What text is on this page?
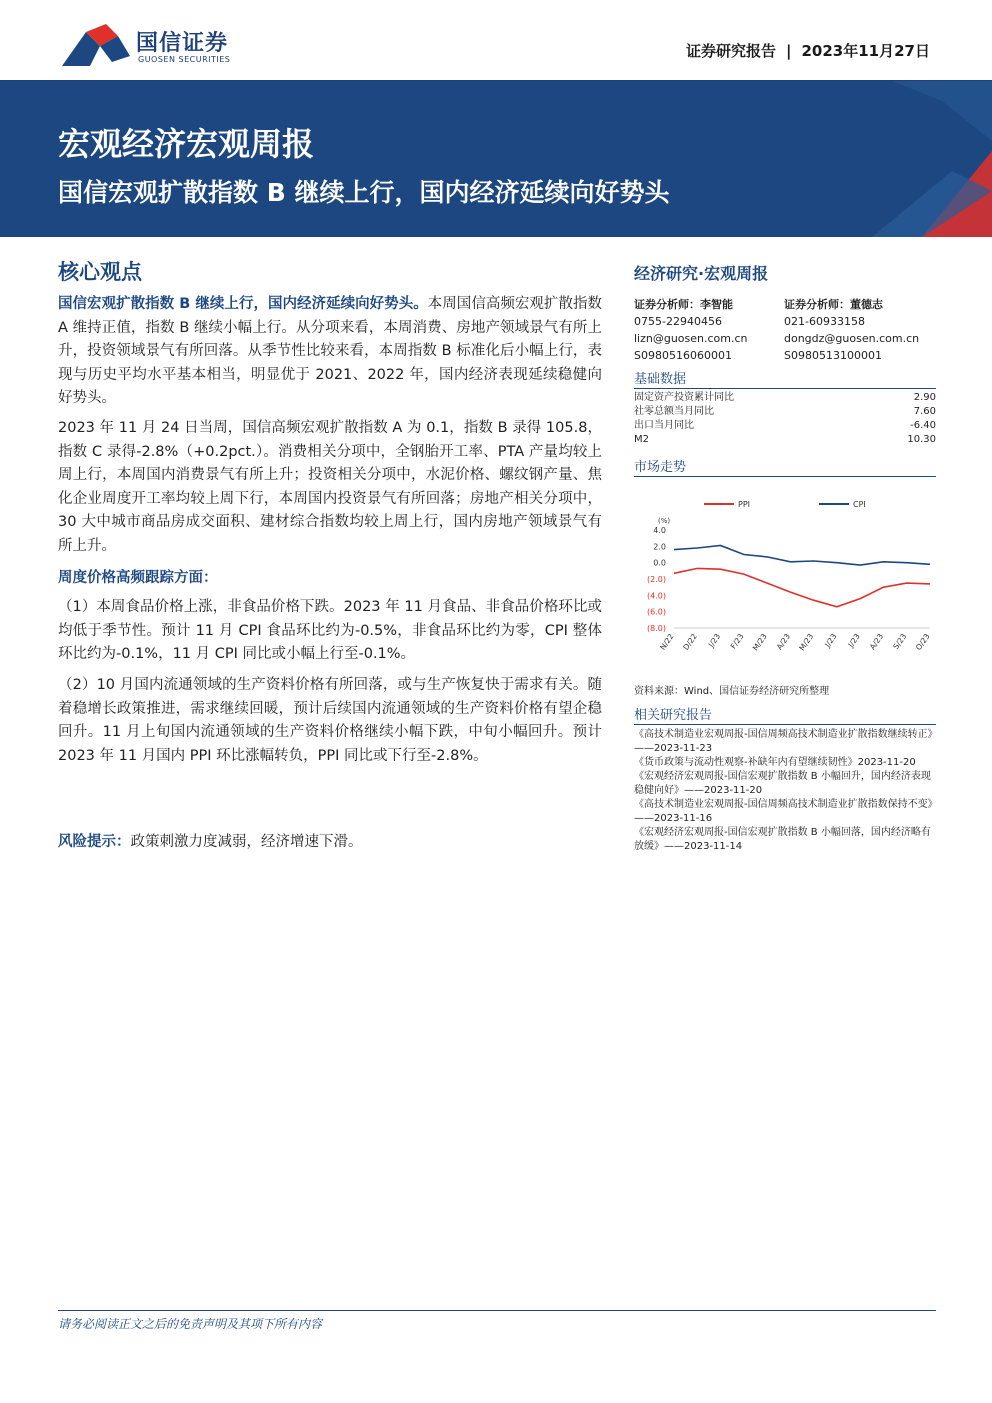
国信证券
GUOSEN SECURITIES	证券研究报告 | 2023年11月27日
宏观经济宏观周报
国信宏观扩散指数 B 继续上行，国内经济延续向好势头
核心观点
国信宏观扩散指数 B 继续上行，国内经济延续向好势头。本周国信高频宏观扩散指数 A 维持正值，指数 B 继续小幅上行。从分项来看，本周消费、房地产领域景气有所上升，投资领域景气有所回落。从季节性比较来看，本周指数 B 标准化后小幅上行，表现与历史平均水平基本相当，明显优于 2021、2022 年，国内经济表现延续稳健向好势头。
2023 年 11 月 24 日当周，国信高频宏观扩散指数 A 为 0.1，指数 B 录得 105.8，指数 C 录得-2.8%（+0.2pct.）。消费相关分项中，全钢胎开工率、PTA 产量均较上周上行，本周国内消费景气有所上升；投资相关分项中，水泥价格、螺纹钢产量、焦化企业周度开工率均较上周下行，本周国内投资景气有所回落；房地产相关分项中，30 大中城市商品房成交面积、建材综合指数均较上周上行，国内房地产领域景气有所上升。
周度价格高频跟踪方面：
（1）本周食品价格上涨，非食品价格下跌。2023 年 11 月食品、非食品价格环比或均低于季节性。预计 11 月 CPI 食品环比约为-0.5%，非食品环比约为零，CPI 整体环比约为-0.1%，11 月 CPI 同比或小幅上行至-0.1%。
（2）10 月国内流通领域的生产资料价格有所回落，或与生产恢复快于需求有关。随着稳增长政策推进，需求继续回暖，预计后续国内流通领域的生产资料价格有望企稳回升。11 月上旬国内流通领域的生产资料价格继续小幅下跌，中旬小幅回升。预计 2023 年 11 月国内 PPI 环比涨幅转负，PPI 同比或下行至-2.8%。
风险提示：政策刺激力度减弱，经济增速下滑。
经济研究·宏观周报
证券分析师：李智能
0755-22940456
lizn@guosen.com.cn
S0980516060001
证券分析师：董德志
021-60933158
dongdz@guosen.com.cn
S0980513100001
基础数据
固定资产投资累计同比	2.90
社零总额当月同比	7.60
出口当月同比	-6.40
M2	10.30
市场走势
PPI	CPI
(%)
4.0
2.0
0.0
(2.0)
(4.0)
(6.0)
(8.0)
N/22 D/22 J/23 F/23 M/23 A/23 M/23 J/23 J/23 A/23 S/23 O/23
资料来源：Wind、国信证券经济研究所整理
相关研究报告

《高技术制造业宏观周报-国信周频高技术制造业扩散指数继续转正》——2023-11-23

《货币政策与流动性观察-补缺年内有望继续韧性》2023-11-20

《宏观经济宏观周报-国信宏观扩散指数 B 小幅回升，国内经济表现稳健向好》——2023-11-20

《高技术制造业宏观周报-国信周频高技术制造业扩散指数保持不变》——2023-11-16

《宏观经济宏观周报-国信宏观扩散指数 B 小幅回落，国内经济略有放缓》——2023-11-14

请务必阅读正文之后的免责声明及其项下所有内容
